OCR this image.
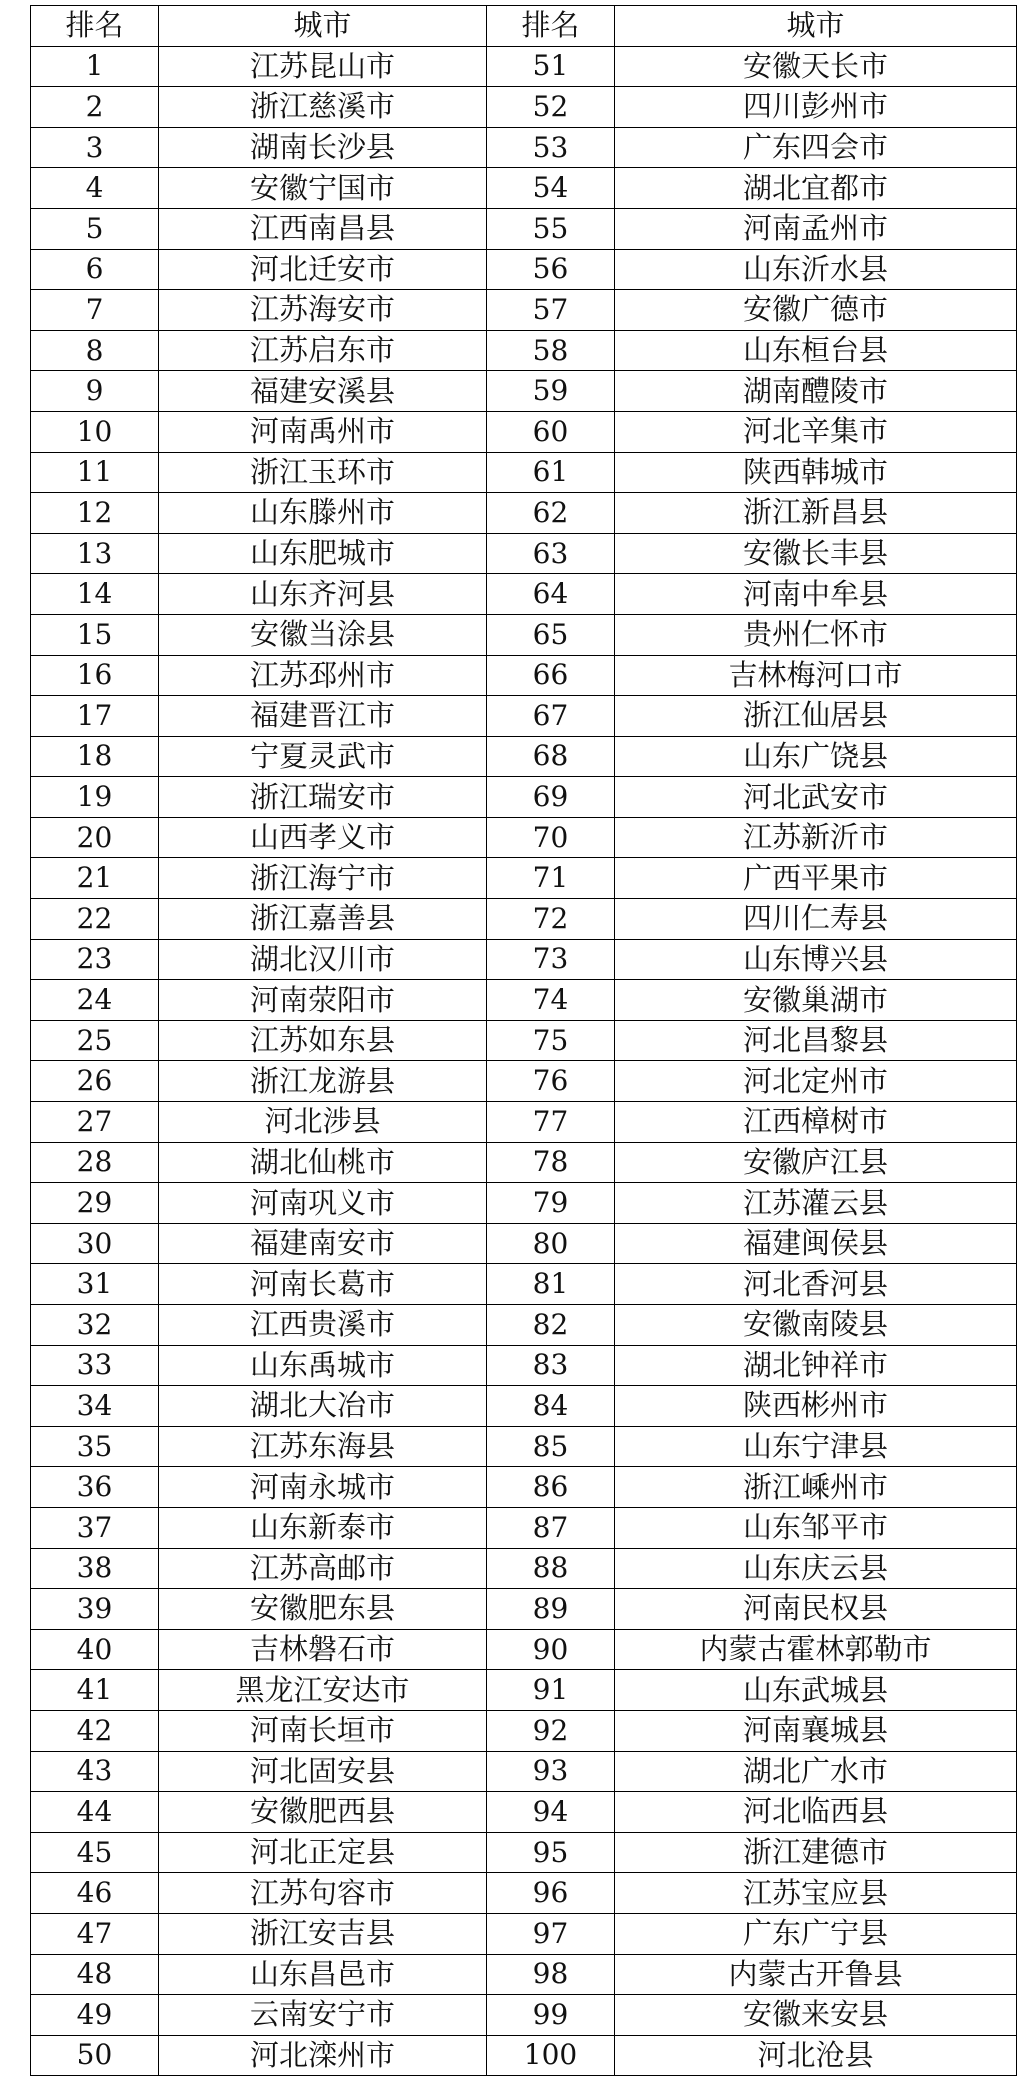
排名	城市	排名	城市
1	江苏昆山市	51	安徽天长市
2	浙江慈溪市	52	四川彭州市
3	湖南长沙县	53	广东四会市
4	安徽宁国市	54	湖北宜都市
5	江西南昌县	55	河南孟州市
6	河北迁安市	56	山东沂水县
7	江苏海安市	57	安徽广德市
8	江苏启东市	58	山东桓台县
9	福建安溪县	59	湖南醴陵市
10	河南禹州市	60	河北辛集市
11	浙江玉环市	61	陕西韩城市
12	山东滕州市	62	浙江新昌县
13	山东肥城市	63	安徽长丰县
14	山东齐河县	64	河南中牟县
15	安徽当涂县	65	贵州仁怀市
16	江苏邳州市	66	吉林梅河口市
17	福建晋江市	67	浙江仙居县
18	宁夏灵武市	68	山东广饶县
19	浙江瑞安市	69	河北武安市
20	山西孝义市	70	江苏新沂市
21	浙江海宁市	71	广西平果市
22	浙江嘉善县	72	四川仁寿县
23	湖北汉川市	73	山东博兴县
24	河南荥阳市	74	安徽巢湖市
25	江苏如东县	75	河北昌黎县
26	浙江龙游县	76	河北定州市
27	河北涉县	77	江西樟树市
28	湖北仙桃市	78	安徽庐江县
29	河南巩义市	79	江苏灌云县
30	福建南安市	80	福建闽侯县
31	河南长葛市	81	河北香河县
32	江西贵溪市	82	安徽南陵县
33	山东禹城市	83	湖北钟祥市
34	湖北大冶市	84	陕西彬州市
35	江苏东海县	85	山东宁津县
36	河南永城市	86	浙江嵊州市
37	山东新泰市	87	山东邹平市
38	江苏高邮市	88	山东庆云县
39	安徽肥东县	89	河南民权县
40	吉林磐石市	90	内蒙古霍林郭勒市
41	黑龙江安达市	91	山东武城县
42	河南长垣市	92	河南襄城县
43	河北固安县	93	湖北广水市
44	安徽肥西县	94	河北临西县
45	河北正定县	95	浙江建德市
46	江苏句容市	96	江苏宝应县
47	浙江安吉县	97	广东广宁县
48	山东昌邑市	98	内蒙古开鲁县
49	云南安宁市	99	安徽来安县
50	河北滦州市	100	河北沧县
